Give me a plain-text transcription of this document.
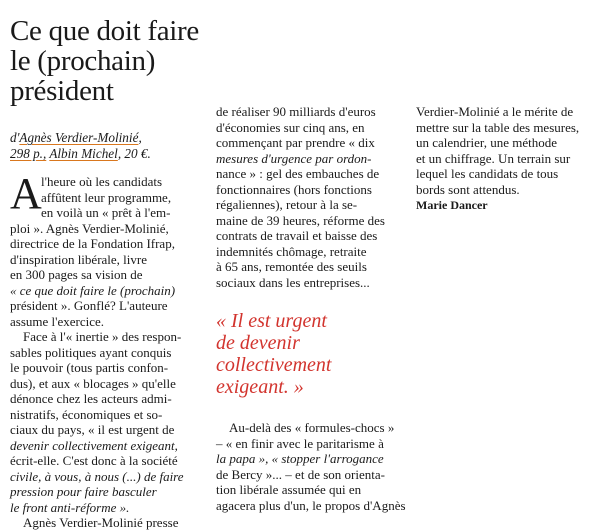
Ce que doit faire
le (prochain)
président
d'Agnès Verdier-Molinié,
298 p., Albin Michel, 20 €.
A l'heure où les candidats
affûtent leur programme,
en voilà un « prêt à l'em-
ploi ». Agnès Verdier-Molinié,
directrice de la Fondation Ifrap,
d'inspiration libérale, livre
en 300 pages sa vision de
« ce que doit faire le (prochain)
président ». Gonflé? L'auteure
assume l'exercice.
Face à l'« inertie » des respon-
sables politiques ayant conquis
le pouvoir (tous partis confon-
dus), et aux « blocages » qu'elle
dénonce chez les acteurs admi-
nistratifs, économiques et so-
ciaux du pays, « il est urgent de
devenir collectivement exigeant,
écrit-elle. C'est donc à la société
civile, à vous, à nous (...) de faire
pression pour faire basculer
le front anti-réforme ».
Agnès Verdier-Molinié presse
de réaliser 90 milliards d'euros
d'économies sur cinq ans, en
commençant par prendre « dix
mesures d'urgence par ordon-
nance » : gel des embauches de
fonctionnaires (hors fonctions
régaliennes), retour à la se-
maine de 39 heures, réforme des
contrats de travail et baisse des
indemnités chômage, retraite
à 65 ans, remontée des seuils
sociaux dans les entreprises...
« Il est urgent
de devenir
collectivement
exigeant. »
Au-delà des « formules-chocs »
– « en finir avec le paritarisme à
la papa », « stopper l'arrogance
de Bercy »... – et de son orienta-
tion libérale assumée qui en
agacera plus d'un, le propos d'Agnès
Verdier-Molinié a le mérite de
mettre sur la table des mesures,
un calendrier, une méthode
et un chiffrage. Un terrain sur
lequel les candidats de tous
bords sont attendus.
Marie Dancer
